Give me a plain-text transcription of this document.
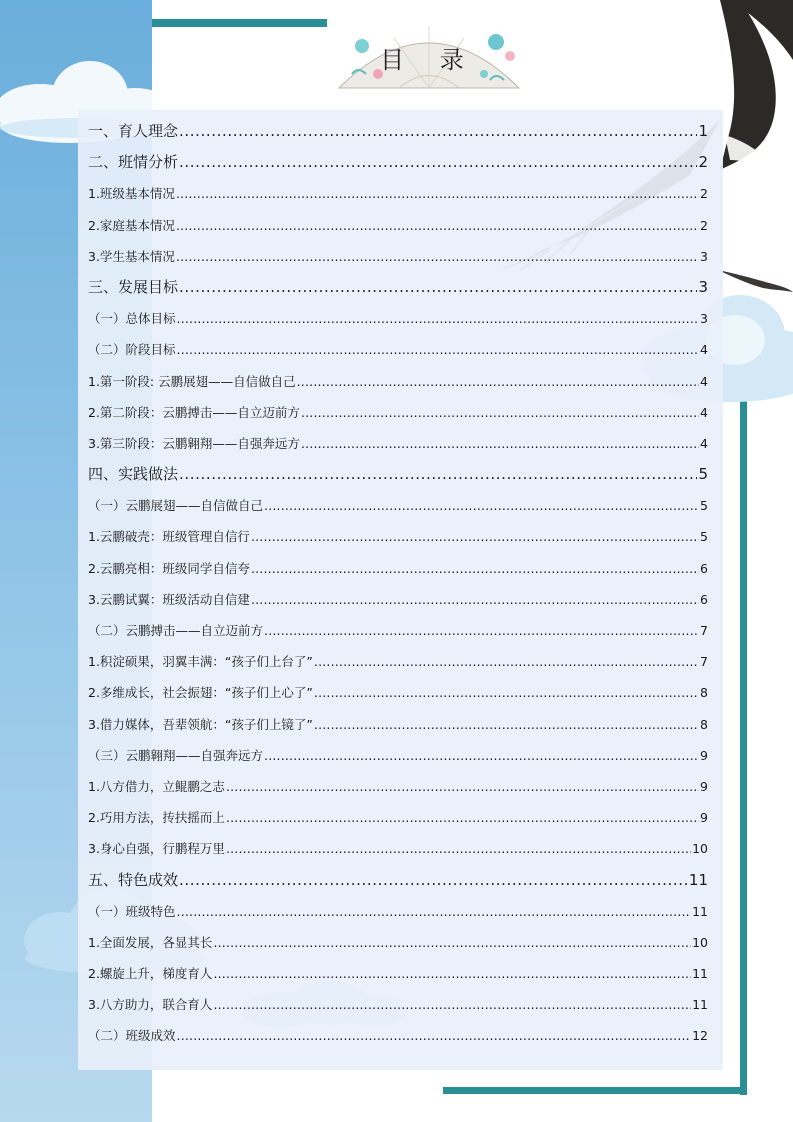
目 录
一、育人理念 .....	1
二、班情分析 .....	2
1.班级基本情况 .....	2
2.家庭基本情况 .....	2
3.学生基本情况 .....	3
三、发展目标 .....	3
（一）总体目标 .....	3
（二）阶段目标 .....	4
1.第一阶段: 云鹏展翅——自信做自己 .....	4
2.第二阶段：云鹏搏击——自立迈前方 .....	4
3.第三阶段：云鹏翱翔——自强奔远方 .....	4
四、实践做法 .....	5
（一）云鹏展翅——自信做自己 .....	5
1.云鹏破壳：班级管理自信行 .....	5
2.云鹏亮相：班级同学自信夸 .....	6
3.云鹏试翼：班级活动自信建 .....	6
（二）云鹏搏击——自立迈前方 .....	7
1.积淀硕果，羽翼丰满：“孩子们上台了” .....	7
2.多维成长，社会振翅：“孩子们上心了” .....	8
3.借力媒体，吾辈领航：“孩子们上镜了” .....	8
（三）云鹏翱翔——自强奔远方 .....	9
1.八方借力，立鲲鹏之志 .....	9
2.巧用方法，抟扶摇而上 .....	9
3.身心自强，行鹏程万里 .....	10
五、特色成效 .....	11
（一）班级特色 .....	11
1.全面发展，各显其长 .....	10
2.螺旋上升，梯度育人 .....	11
3.八方助力，联合育人 .....	11
（二）班级成效 .....	12
